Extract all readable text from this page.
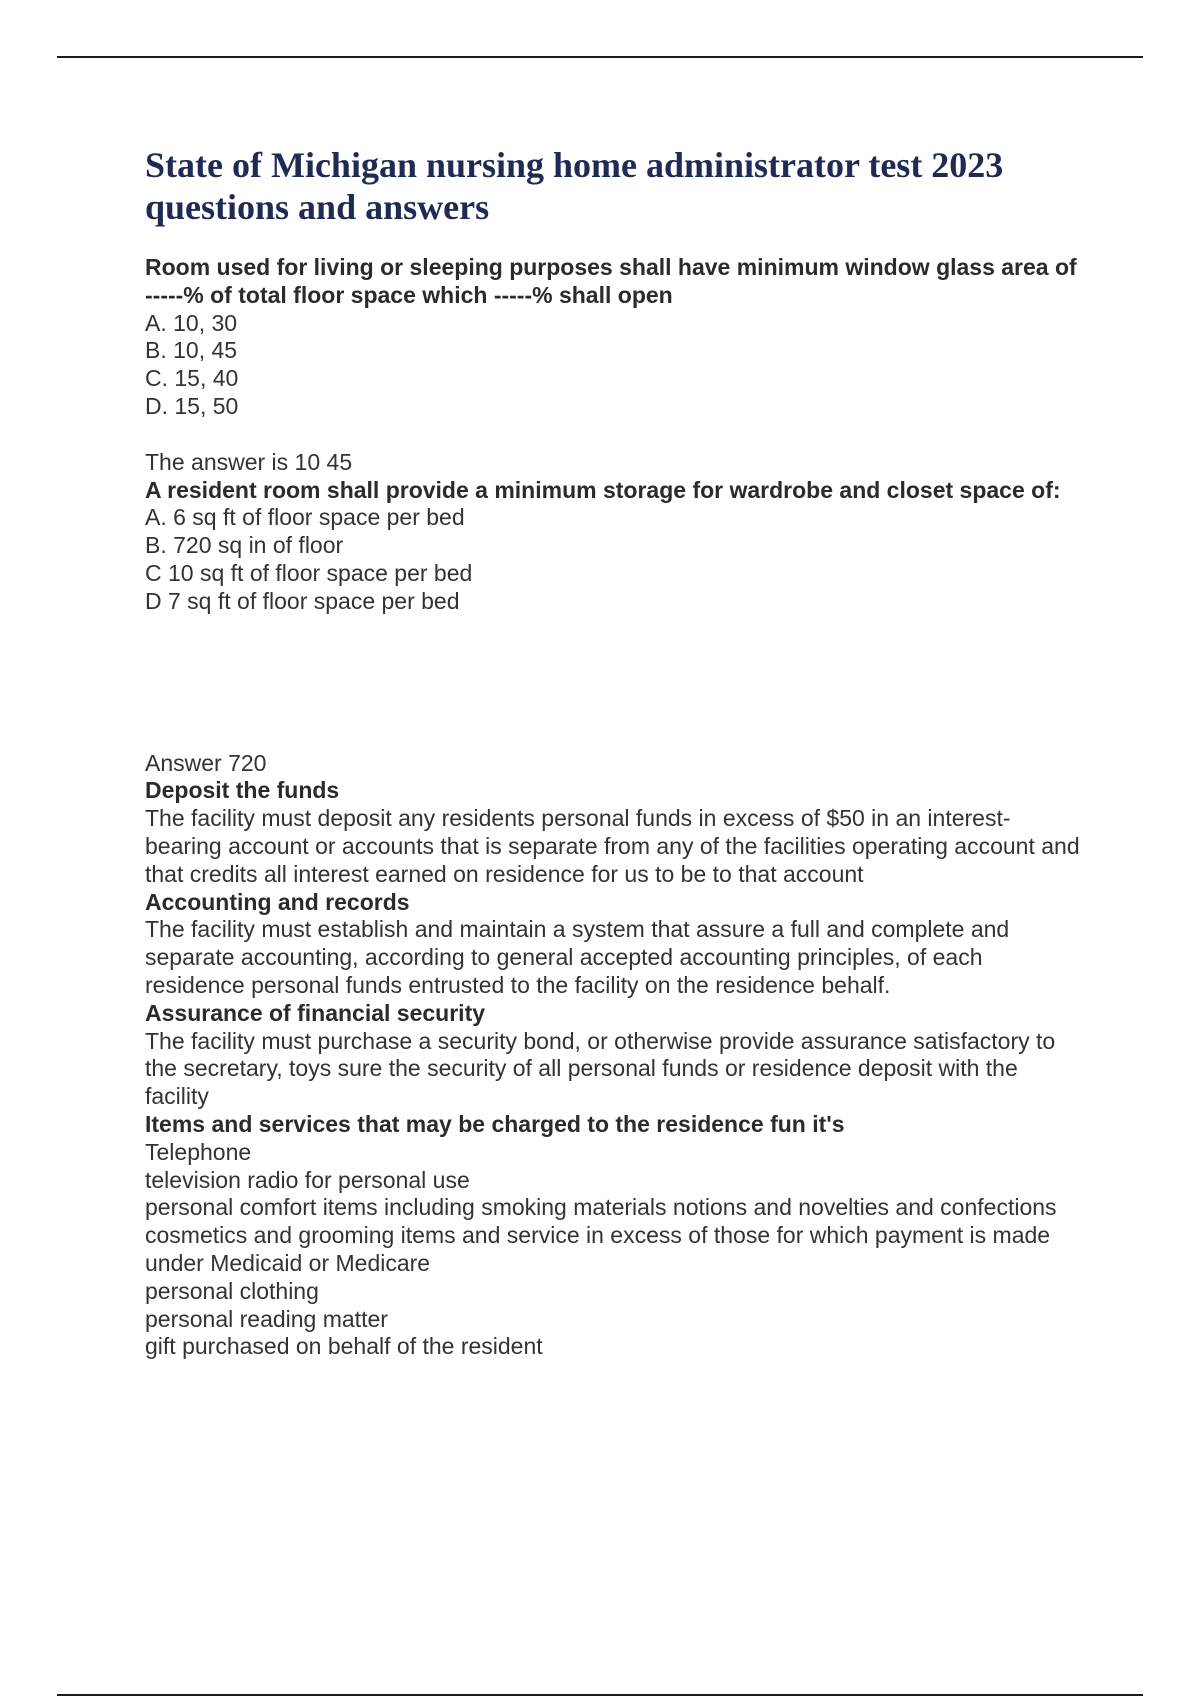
State of Michigan nursing home administrator test 2023 questions and answers
Room used for living or sleeping purposes shall have minimum window glass area of -----% of total floor space which -----% shall open
A. 10, 30
B. 10, 45
C. 15, 40
D. 15, 50
The answer is 10 45
A resident room shall provide a minimum storage for wardrobe and closet space of:
A. 6 sq ft of floor space per bed
B. 720 sq in of floor
C 10 sq ft of floor space per bed
D 7 sq ft of floor space per bed
Answer 720
Deposit the funds
The facility must deposit any residents personal funds in excess of $50 in an interest-bearing account or accounts that is separate from any of the facilities operating account and that credits all interest earned on residence for us to be to that account
Accounting and records
The facility must establish and maintain a system that assure a full and complete and separate accounting, according to general accepted accounting principles, of each residence personal funds entrusted to the facility on the residence behalf.
Assurance of financial security
The facility must purchase a security bond, or otherwise provide assurance satisfactory to the secretary, toys sure the security of all personal funds or residence deposit with the facility
Items and services that may be charged to the residence fun it's
Telephone
television radio for personal use
personal comfort items including smoking materials notions and novelties and confections
cosmetics and grooming items and service in excess of those for which payment is made under Medicaid or Medicare
personal clothing
personal reading matter
gift purchased on behalf of the resident
